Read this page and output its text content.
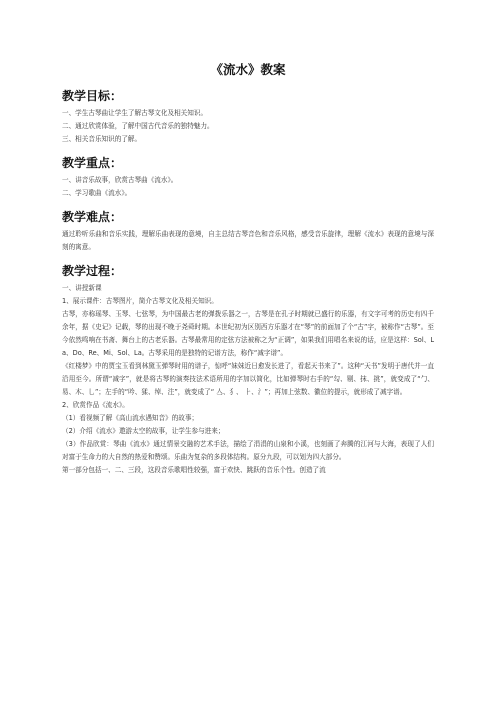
《流水》教案
教学目标：

一、学生古琴曲让学生了解古琴文化及相关知识。

二、通过欣赏体验，了解中国古代音乐的独特魅力。

三、相关音乐知识的了解。

教学重点：

一、讲音乐故事，欣赏古琴曲《流水》。

二、学习歌曲《流水》。

教学难点：

通过聆听乐曲和音乐实践，理解乐曲表现的意境，自主总结古琴音色和音乐风格，感受音乐旋律，理解《流水》表现的意境与深刻的寓意。

教学过程：

一、讲授新课

1、展示课件：古琴图片，简介古琴文化及相关知识。

古琴，亦称瑶琴、玉琴、七弦琴，为中国最古老的弹拨乐器之一，古琴是在孔子时期就已盛行的乐器，有文字可考的历史有四千余年，据《史记》记载，琴的出现不晚于尧舜时期。本世纪初为区别西方乐器才在“琴”的前面加了个“古”字，被称作“古琴”。至今依然鸣响在书斋、舞台上的古老乐器。古琴最常用的定弦方法被称之为“正调”，如果我们用唱名来说的话，应是这样：Sol、La、Do、Re、Mi、Sol、La。古琴采用的是独特的记谱方法，称作“减字谱”。

《红楼梦》中的贾宝玉看到林黛玉弹琴时用的谱子，惊呼“妹妹近日愈发长进了，看起天书来了”。这种“天书”发明于唐代并一直沿用至今。所谓“减字”，就是将古琴的演奏技法术语所用的字加以简化，比如弹琴时右手的“勾、剔、抹、挑”，就变成了“勹、易、木、乚”；左手的“吟、猱、绰、注”，就变成了“ 亼、犭、 ⺊、氵”；再加上弦数、徽位的提示，就形成了减字谱。

2、欣赏作品《流水》。

（1）看视频了解《高山流水遇知音》的故事；

（2）介绍《流水》遨游太空的故事，让学生参与进来；

（3）作品欣赏：琴曲《流水》通过情景交融的艺术手法，描绘了涓涓的山泉和小溪，也刻画了奔腾的江河与大海，表现了人们对富于生命力的大自然的热爱和赞颂。乐曲为复杂的多段体结构。原分九段，可以划为四大部分。

第一部分包括一、二、三段，这段音乐歌唱性较强，富于欢快、跳跃的音乐个性。创造了流
